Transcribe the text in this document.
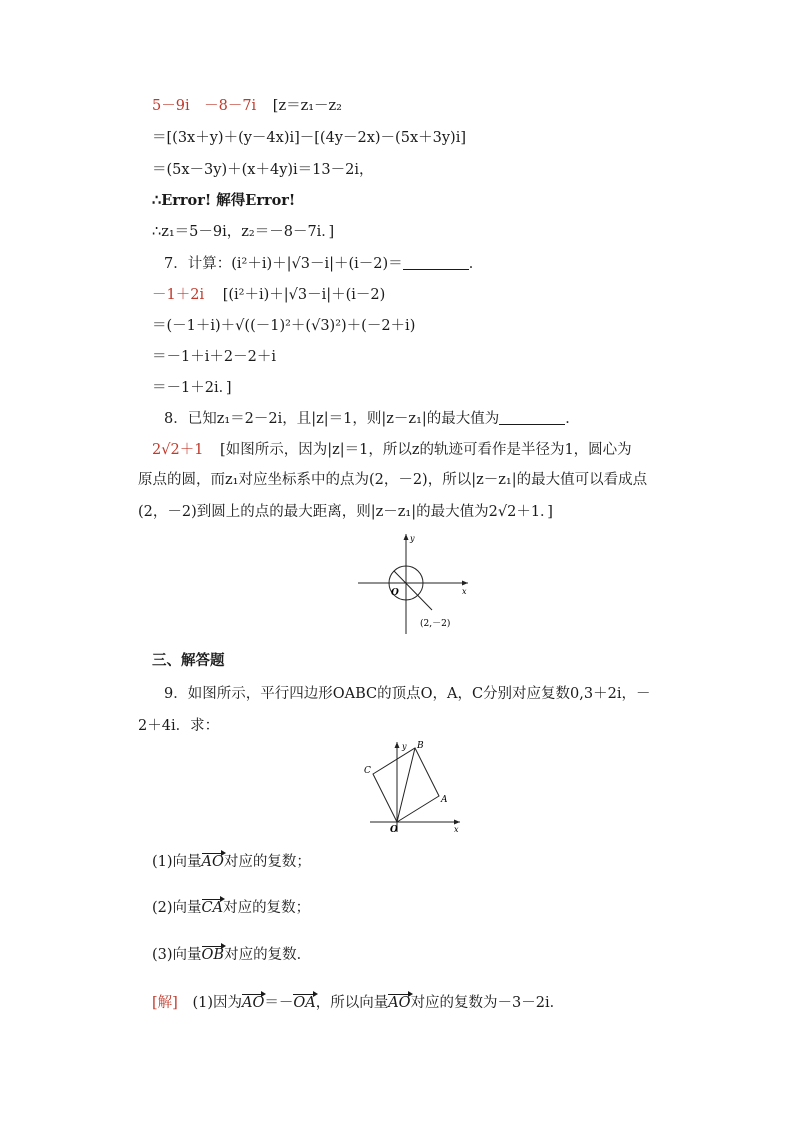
5－9i　－8－7i [z＝z₁－z₂
＝[(3x＋y)＋(y－4x)i]－[(4y－2x)－(5x＋3y)i]
＝(5x－3y)＋(x＋4y)i＝13－2i，
∴Error! 解得Error!
∴z₁＝5－9i，z₂＝－8－7i．]
7．计算：(i²＋i)＋|√3－i|＋(i－2)＝	．
－1＋2i [(i²＋i)＋|√3－i|＋(i－2)
＝(－1＋i)＋√((－1)²＋(√3)²)＋(－2＋i)
＝－1＋i＋2－2＋i
＝－1＋2i．]
8．已知z₁＝2－2i，且|z|＝1，则|z－z₁|的最大值为	．
2√2＋1 [如图所示，因为|z|＝1，所以z的轨迹可看作是半径为1，圆心为
原点的圆，而z₁对应坐标系中的点为(2，－2)，所以|z－z₁|的最大值可以看成点
(2，－2)到圆上的点的最大距离，则|z－z₁|的最大值为2√2＋1．]
y
x
O
(2,－2)
三、解答题
9．如图所示，平行四边形OABC的顶点O，A，C分别对应复数0,3＋2i，－
2＋4i．求：
y
x
O
A
B
C
(1)向量AO对应的复数；
(2)向量CA对应的复数；
(3)向量OB对应的复数．
[解] (1)因为AO＝－OA，所以向量AO对应的复数为－3－2i．
